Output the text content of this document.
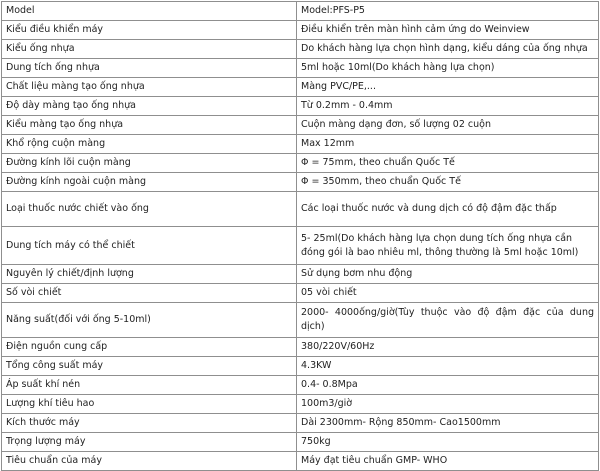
Model	Model:PFS-P5
Kiểu điều khiển máy	Điều khiển trên màn hình cảm ứng do Weinview
Kiểu ống nhựa	Do khách hàng lựa chọn hình dạng, kiểu dáng của ống nhựa
Dung tích ống nhựa	5ml hoặc 10ml(Do khách hàng lựa chọn)
Chất liệu màng tạo ống nhựa	Màng PVC/PE,...
Độ dày màng tạo ống nhựa	Từ 0.2mm - 0.4mm
Kiểu màng tạo ống nhựa	Cuộn màng dạng đơn, số lượng 02 cuộn
Khổ rộng cuộn màng	Max 12mm
Đường kính lõi cuộn màng	Φ = 75mm, theo chuẩn Quốc Tế
Đường kính ngoài cuộn màng	Φ = 350mm, theo chuẩn Quốc Tế
Loại thuốc nước chiết vào ống	Các loại thuốc nước và dung dịch có độ đậm đặc thấp
Dung tích máy có thể chiết	5- 25ml(Do khách hàng lựa chọn dung tích ống nhựa cần đóng gói là bao nhiêu ml, thông thường là 5ml hoặc 10ml)
Nguyên lý chiết/định lượng	Sử dụng bơm nhu động
Số vòi chiết	05 vòi chiết
Năng suất(đối với ống 5-10ml)	2000- 4000ống/giờ(Tùy thuộc vào độ đậm đặc của dung dịch)
Điện nguồn cung cấp	380/220V/60Hz
Tổng công suất máy	4.3KW
Áp suất khí nén	0.4- 0.8Mpa
Lượng khí tiêu hao	100m3/giờ
Kích thước máy	Dài 2300mm- Rộng 850mm- Cao1500mm
Trọng lượng máy	750kg
Tiêu chuẩn của máy	Máy đạt tiêu chuẩn GMP- WHO
